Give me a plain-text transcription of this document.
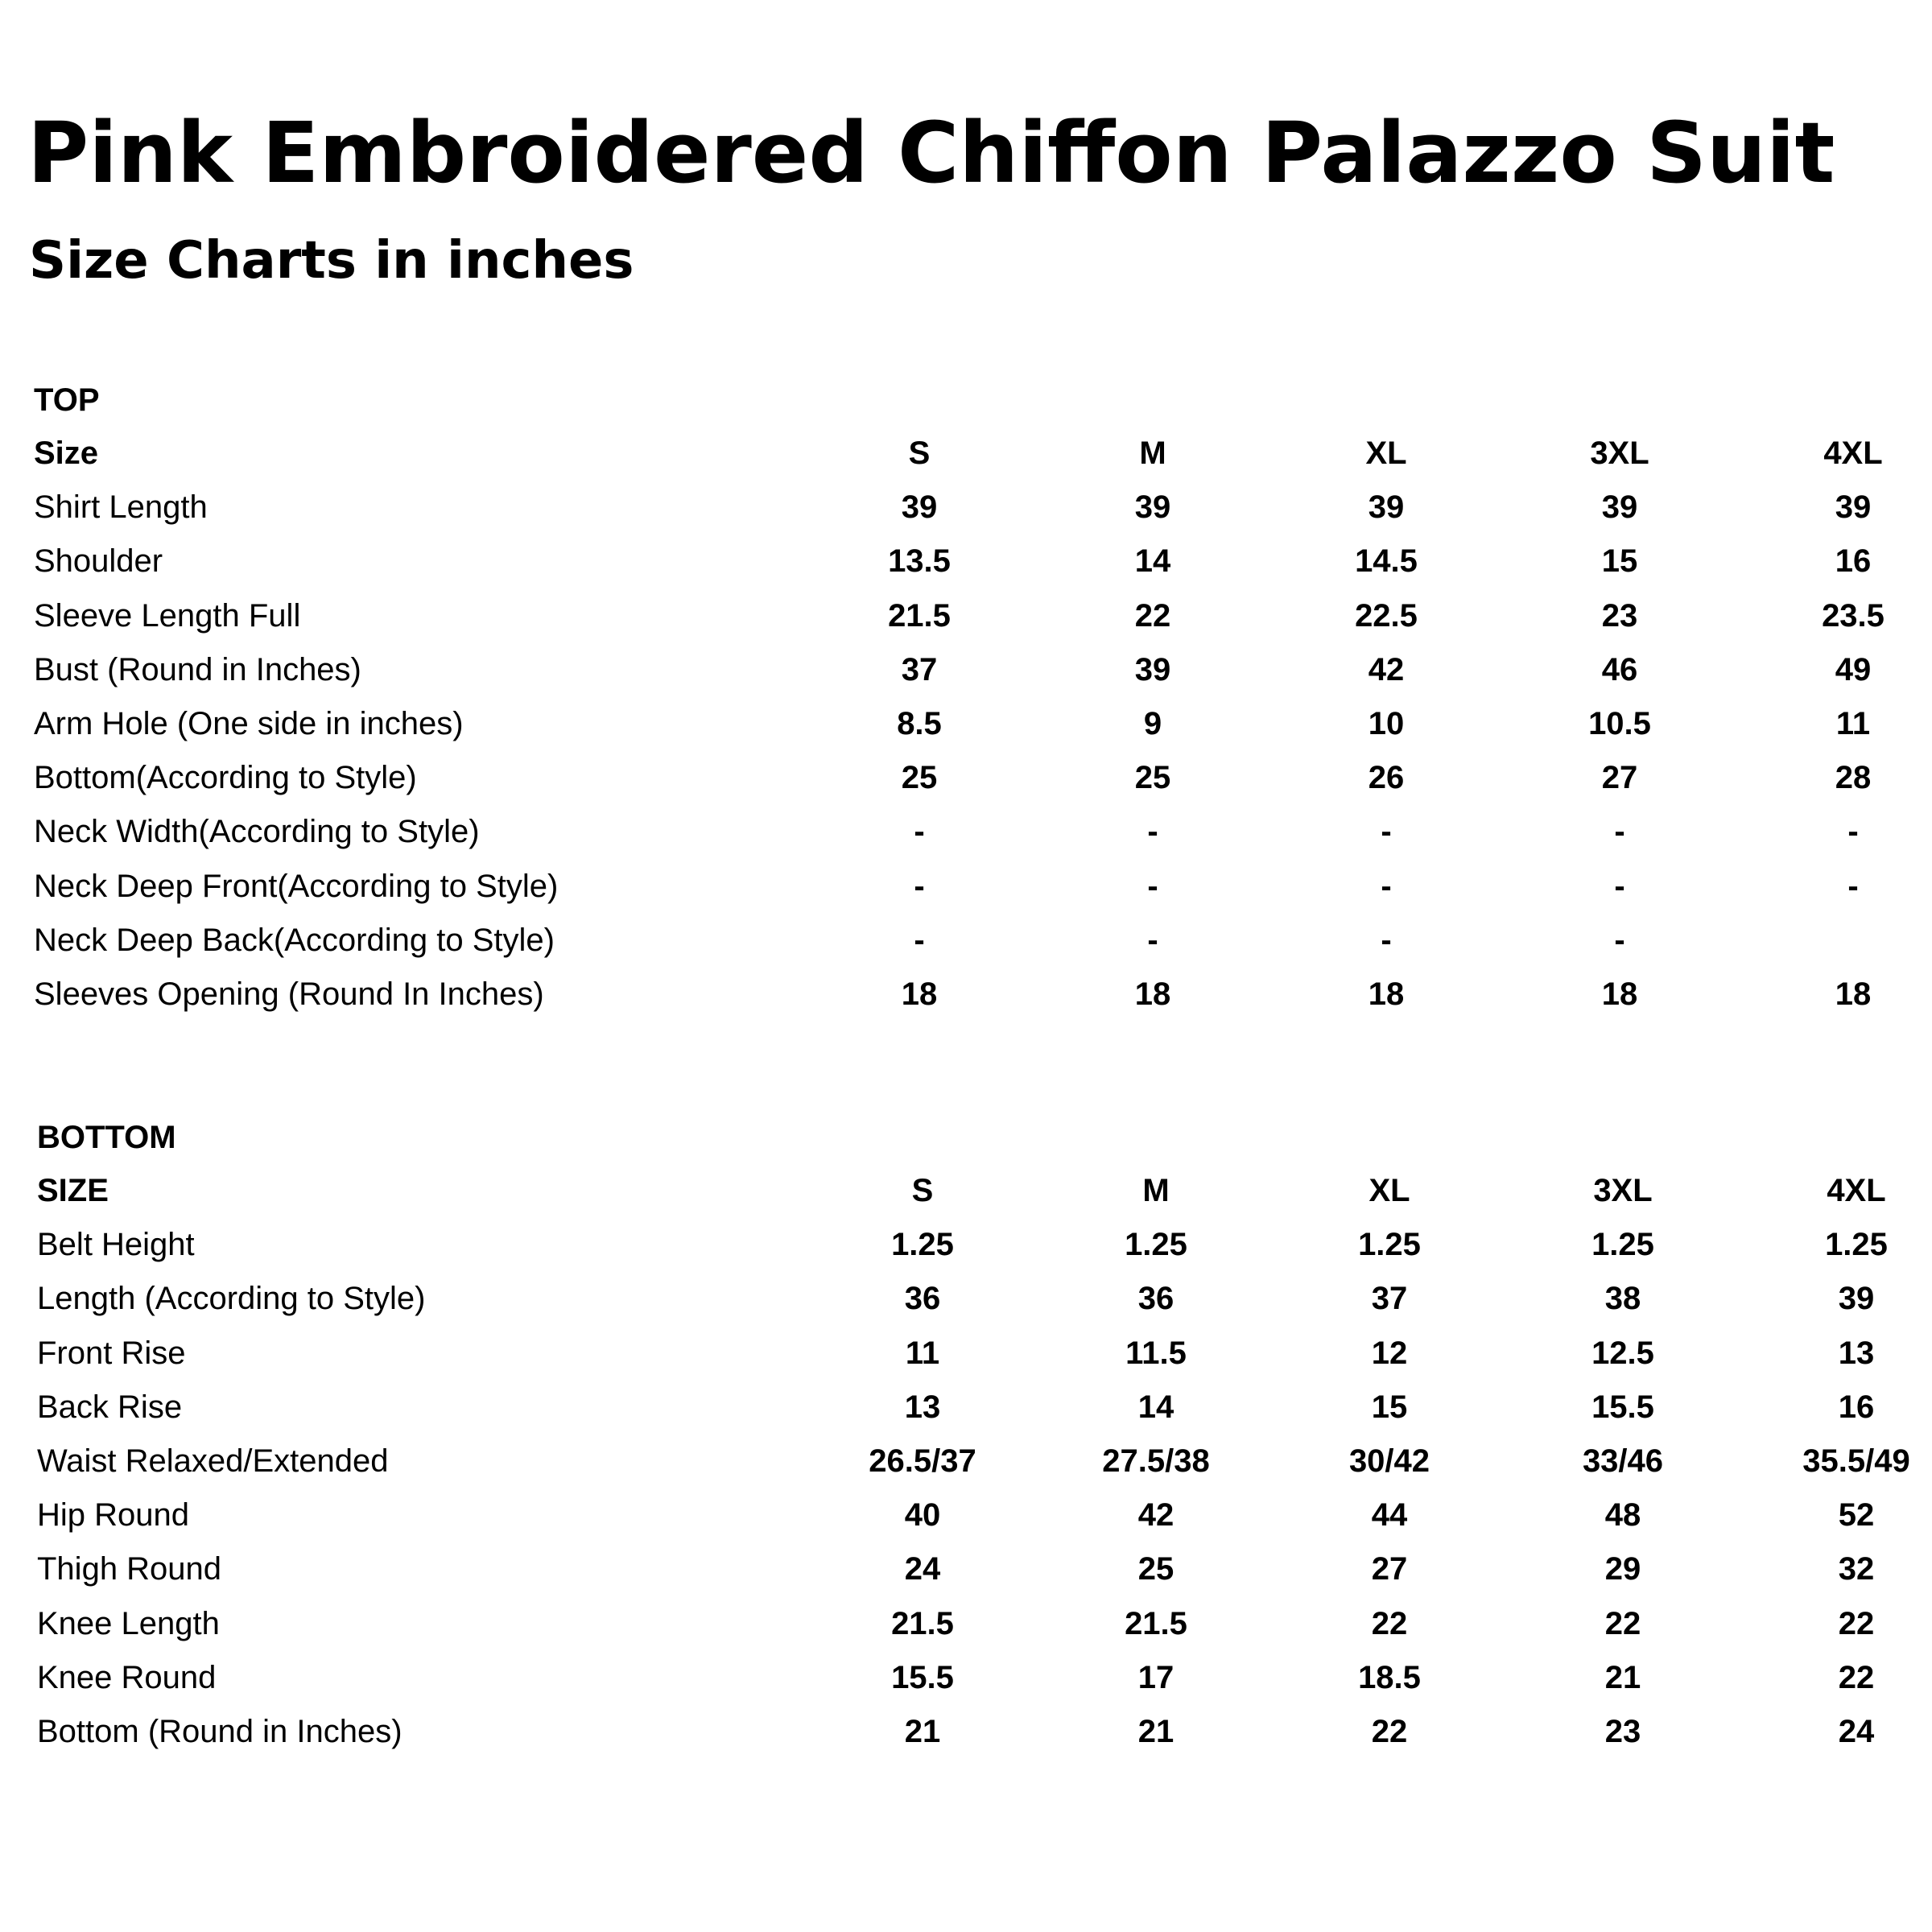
Pink Embroidered Chiffon Palazzo Suit
Size Charts in inches
TOP
Size	S	M	XL	3XL	4XL
Shirt Length	39	39	39	39	39
Shoulder	13.5	14	14.5	15	16
Sleeve Length Full	21.5	22	22.5	23	23.5
Bust (Round in Inches)	37	39	42	46	49
Arm Hole (One side in inches)	8.5	9	10	10.5	11
Bottom(According to Style)	25	25	26	27	28
Neck Width(According to Style)	-	-	-	-	-
Neck Deep Front(According to Style)	-	-	-	-	-
Neck Deep Back(According to Style)	-	-	-	-
Sleeves Opening (Round In Inches)	18	18	18	18	18
BOTTOM
SIZE	S	M	XL	3XL	4XL
Belt Height	1.25	1.25	1.25	1.25	1.25
Length (According to Style)	36	36	37	38	39
Front Rise	11	11.5	12	12.5	13
Back Rise	13	14	15	15.5	16
Waist Relaxed/Extended	26.5/37	27.5/38	30/42	33/46	35.5/49
Hip Round	40	42	44	48	52
Thigh Round	24	25	27	29	32
Knee Length	21.5	21.5	22	22	22
Knee Round	15.5	17	18.5	21	22
Bottom (Round in Inches)	21	21	22	23	24
